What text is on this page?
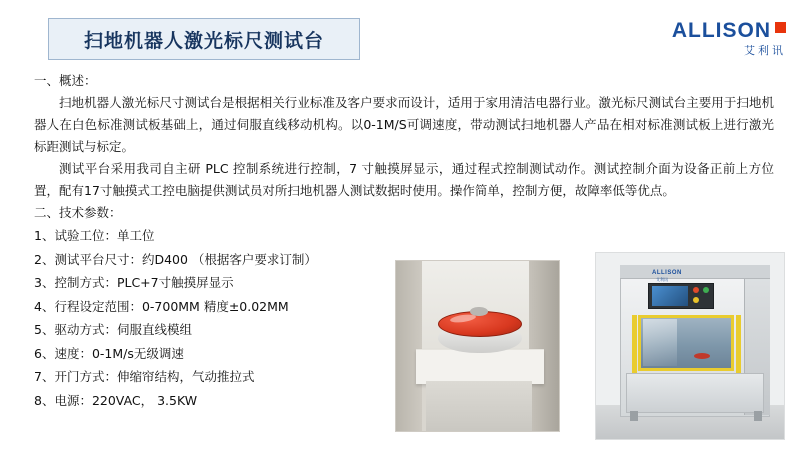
扫地机器人激光标尺测试台	ALLISON
艾利讯
一、概述：
扫地机器人激光标尺寸测试台是根据相关行业标准及客户要求而设计，适用于家用清洁电器行业。激光标尺测试台主要用于扫地机器人在白色标准测试板基础上，通过伺服直线移动机构。以0-1M/S可调速度，带动测试扫地机器人产品在相对标准测试板上进行激光标距测试与标定。
测试平台采用我司自主研 PLC 控制系统进行控制，7 寸触摸屏显示，通过程式控制测试动作。测试控制介面为设备正前上方位置，配有17寸触摸式工控电脑提供测试员对所扫地机器人测试数据时使用。操作简单，控制方便，故障率低等优点。
二、技术参数：
1、试验工位：单工位
2、测试平台尺寸：约D400 （根据客户要求订制）
3、控制方式：PLC+7寸触摸屏显示
4、行程设定范围：0-700MM 精度±0.02MM
5、驱动方式：伺服直线模组
6、速度：0-1M/s无级调速
7、开门方式：伸缩帘结构，气动推拉式
8、电源：220VAC， 3.5KW
ALLISON
艾利讯
